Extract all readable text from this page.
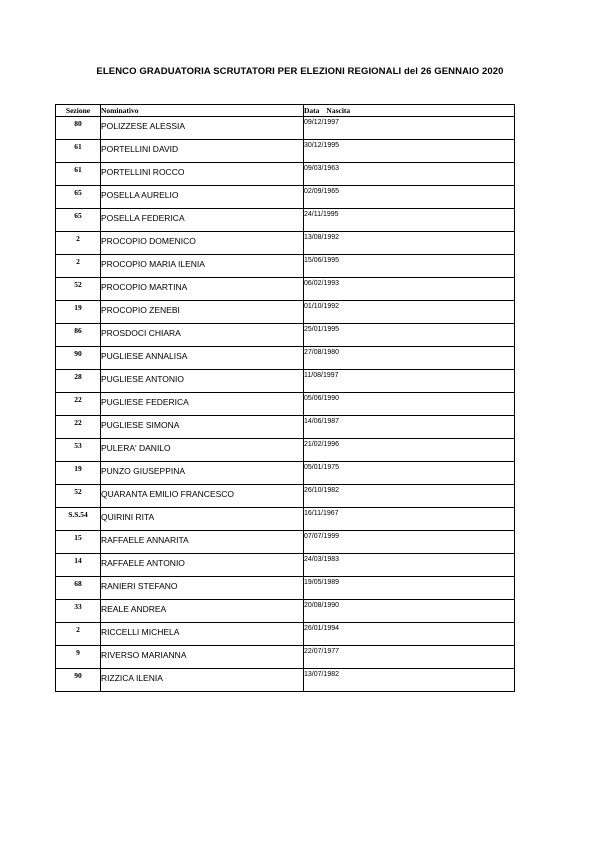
ELENCO GRADUATORIA SCRUTATORI PER ELEZIONI REGIONALI del 26 GENNAIO 2020
Sezione	Nominativo	Data Nascita
80	POLIZZESE ALESSIA	09/12/1997
61	PORTELLINI DAVID	30/12/1995
61	PORTELLINI ROCCO	09/03/1963
65	POSELLA AURELIO	02/09/1965
65	POSELLA FEDERICA	24/11/1995
2	PROCOPIO DOMENICO	13/08/1992
2	PROCOPIO MARIA ILENIA	15/06/1995
52	PROCOPIO MARTINA	06/02/1993
19	PROCOPIO ZENEBI	01/10/1992
86	PROSDOCI CHIARA	25/01/1995
90	PUGLIESE ANNALISA	27/08/1980
28	PUGLIESE ANTONIO	11/08/1997
22	PUGLIESE FEDERICA	05/06/1990
22	PUGLIESE SIMONA	14/06/1987
53	PULERA' DANILO	21/02/1996
19	PUNZO GIUSEPPINA	05/01/1975
52	QUARANTA EMILIO FRANCESCO	26/10/1982
S.S.54	QUIRINI RITA	16/11/1967
15	RAFFAELE ANNARITA	07/07/1999
14	RAFFAELE ANTONIO	24/03/1983
68	RANIERI STEFANO	19/05/1989
33	REALE ANDREA	20/08/1990
2	RICCELLI MICHELA	26/01/1994
9	RIVERSO MARIANNA	22/07/1977
90	RIZZICA ILENIA	13/07/1982
